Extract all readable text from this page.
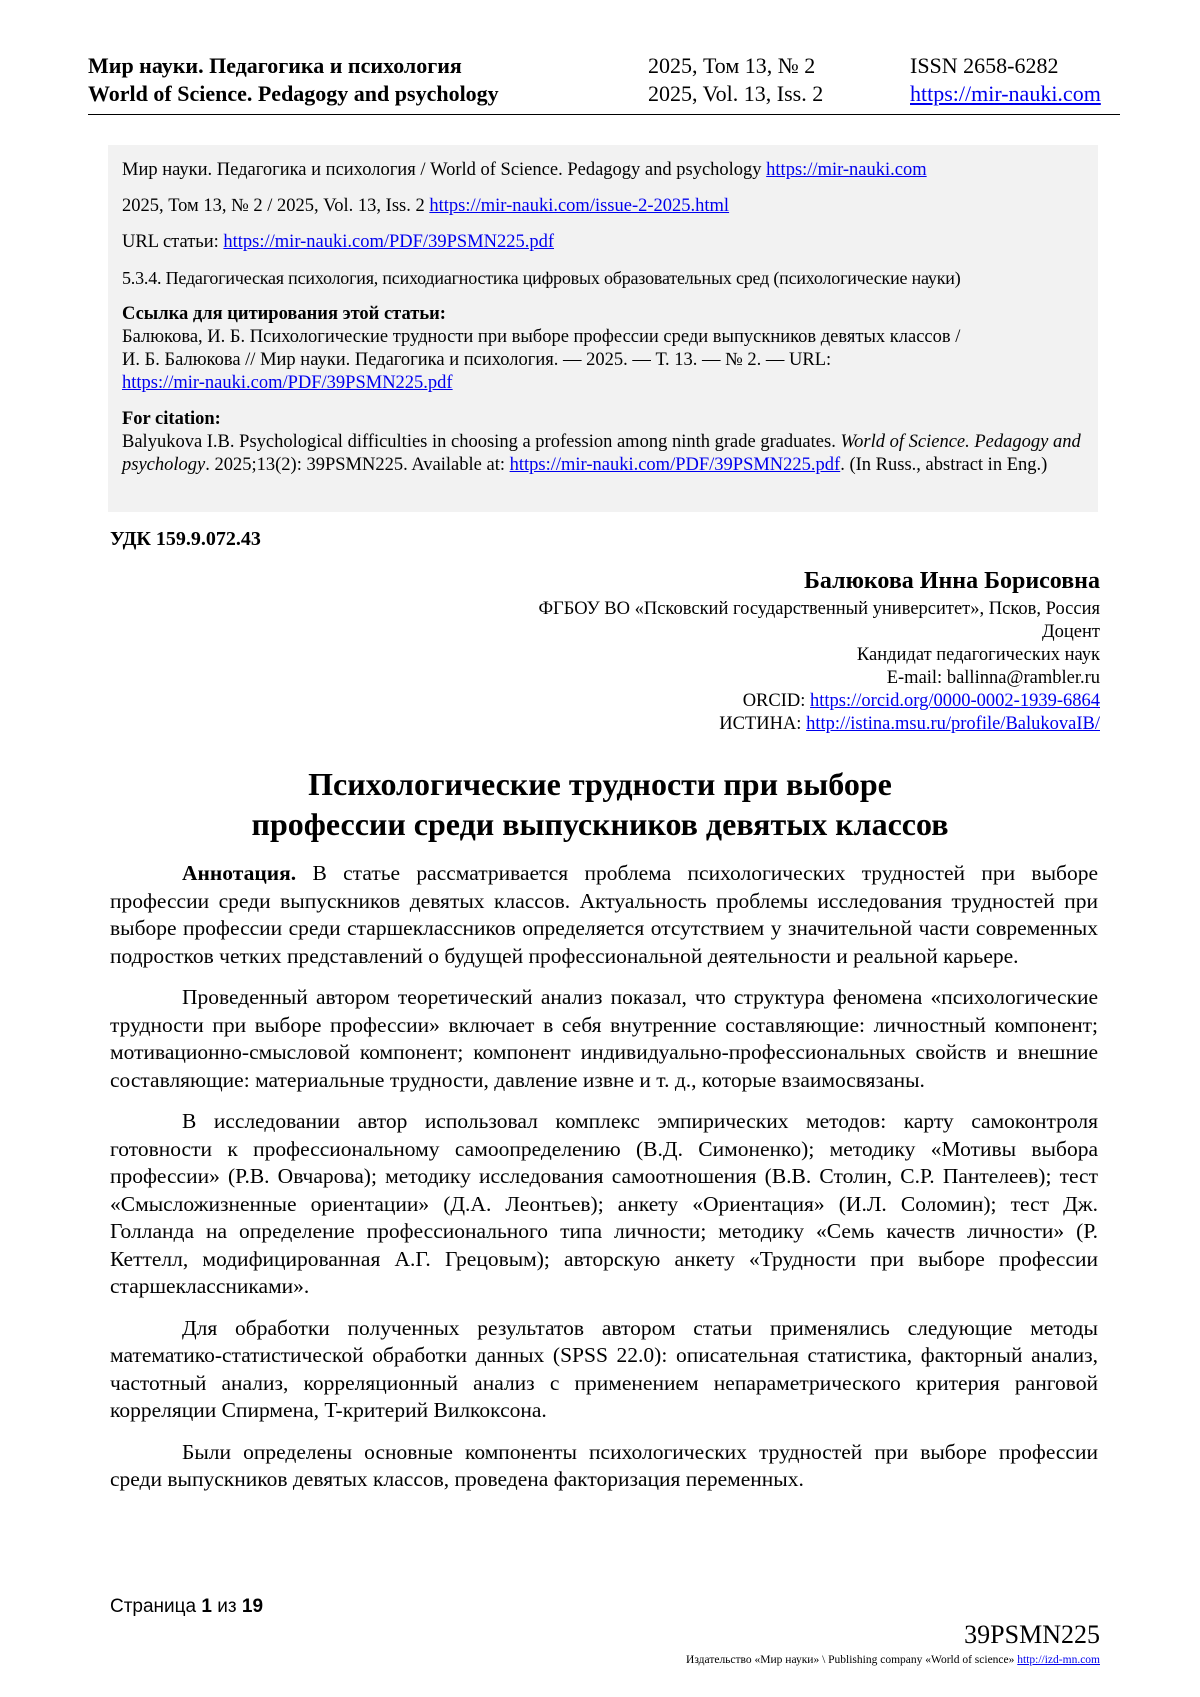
Мир науки. Педагогика и психология
World of Science. Pedagogy and psychology
2025, Том 13, № 2
2025, Vol. 13, Iss. 2
ISSN 2658-6282
https://mir-nauki.com

Мир науки. Педагогика и психология / World of Science. Pedagogy and psychology https://mir-nauki.com

2025, Том 13, № 2 / 2025, Vol. 13, Iss. 2 https://mir-nauki.com/issue-2-2025.html

URL статьи: https://mir-nauki.com/PDF/39PSMN225.pdf

5.3.4. Педагогическая психология, психодиагностика цифровых образовательных сред (психологические науки)

Ссылка для цитирования этой статьи:
Балюкова, И. Б. Психологические трудности при выборе профессии среди выпускников девятых классов /
И. Б. Балюкова // Мир науки. Педагогика и психология. — 2025. — Т. 13. — № 2. — URL:
https://mir-nauki.com/PDF/39PSMN225.pdf

For citation:
Balyukova I.B. Psychological difficulties in choosing a profession among ninth grade graduates. World of Science. Pedagogy and psychology. 2025;13(2): 39PSMN225. Available at: https://mir-nauki.com/PDF/39PSMN225.pdf. (In Russ., abstract in Eng.)

УДК 159.9.072.43
Балюкова Инна Борисовна
ФГБОУ ВО «Псковский государственный университет», Псков, Россия
Доцент
Кандидат педагогических наук
E-mail: ballinna@rambler.ru
ORCID: https://orcid.org/0000-0002-1939-6864
ИСТИНА: http://istina.msu.ru/profile/BalukovaIB/
Психологические трудности при выборе
профессии среди выпускников девятых классов

Аннотация. В статье рассматривается проблема психологических трудностей при выборе профессии среди выпускников девятых классов. Актуальность проблемы исследования трудностей при выборе профессии среди старшеклассников определяется отсутствием у значительной части современных подростков четких представлений о будущей профессиональной деятельности и реальной карьере.

Проведенный автором теоретический анализ показал, что структура феномена «психологические трудности при выборе профессии» включает в себя внутренние составляющие: личностный компонент; мотивационно-смысловой компонент; компонент индивидуально-профессиональных свойств и внешние составляющие: материальные трудности, давление извне и т. д., которые взаимосвязаны.

В исследовании автор использовал комплекс эмпирических методов: карту самоконтроля готовности к профессиональному самоопределению (В.Д. Симоненко); методику «Мотивы выбора профессии» (Р.В. Овчарова); методику исследования самоотношения (В.В. Столин, С.Р. Пантелеев); тест «Смысложизненные ориентации» (Д.А. Леонтьев); анкету «Ориентация» (И.Л. Соломин); тест Дж. Голланда на определение профессионального типа личности; методику «Семь качеств личности» (Р. Кеттелл, модифицированная А.Г. Грецовым); авторскую анкету «Трудности при выборе профессии старшеклассниками».

Для обработки полученных результатов автором статьи применялись следующие методы математико-статистической обработки данных (SPSS 22.0): описательная статистика, факторный анализ, частотный анализ, корреляционный анализ с применением непараметрического критерия ранговой корреляции Спирмена, T-критерий Вилкоксона.

Были определены основные компоненты психологических трудностей при выборе профессии среди выпускников девятых классов, проведена факторизация переменных.

Страница 1 из 19
39PSMN225
Издательство «Мир науки» \ Publishing company «World of science» http://izd-mn.com
